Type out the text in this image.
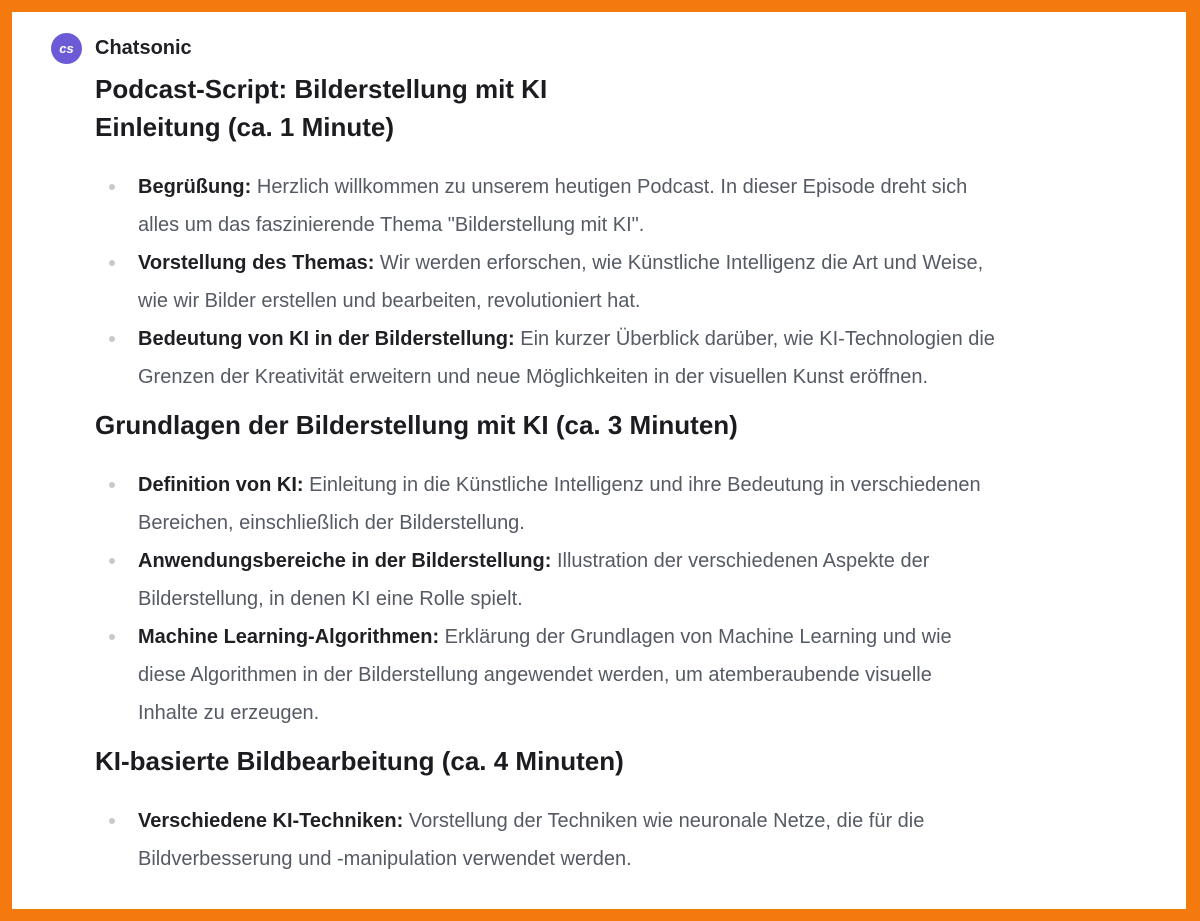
cs	Chatsonic
Podcast-Script: Bilderstellung mit KI
Einleitung (ca. 1 Minute)
Begrüßung: Herzlich willkommen zu unserem heutigen Podcast. In dieser Episode dreht sich alles um das faszinierende Thema "Bilderstellung mit KI".
Vorstellung des Themas: Wir werden erforschen, wie Künstliche Intelligenz die Art und Weise, wie wir Bilder erstellen und bearbeiten, revolutioniert hat.
Bedeutung von KI in der Bilderstellung: Ein kurzer Überblick darüber, wie KI-Technologien die Grenzen der Kreativität erweitern und neue Möglichkeiten in der visuellen Kunst eröffnen.
Grundlagen der Bilderstellung mit KI (ca. 3 Minuten)
Definition von KI: Einleitung in die Künstliche Intelligenz und ihre Bedeutung in verschiedenen Bereichen, einschließlich der Bilderstellung.
Anwendungsbereiche in der Bilderstellung: Illustration der verschiedenen Aspekte der Bilderstellung, in denen KI eine Rolle spielt.
Machine Learning-Algorithmen: Erklärung der Grundlagen von Machine Learning und wie diese Algorithmen in der Bilderstellung angewendet werden, um atemberaubende visuelle Inhalte zu erzeugen.
KI-basierte Bildbearbeitung (ca. 4 Minuten)
Verschiedene KI-Techniken: Vorstellung der Techniken wie neuronale Netze, die für die Bildverbesserung und -manipulation verwendet werden.
